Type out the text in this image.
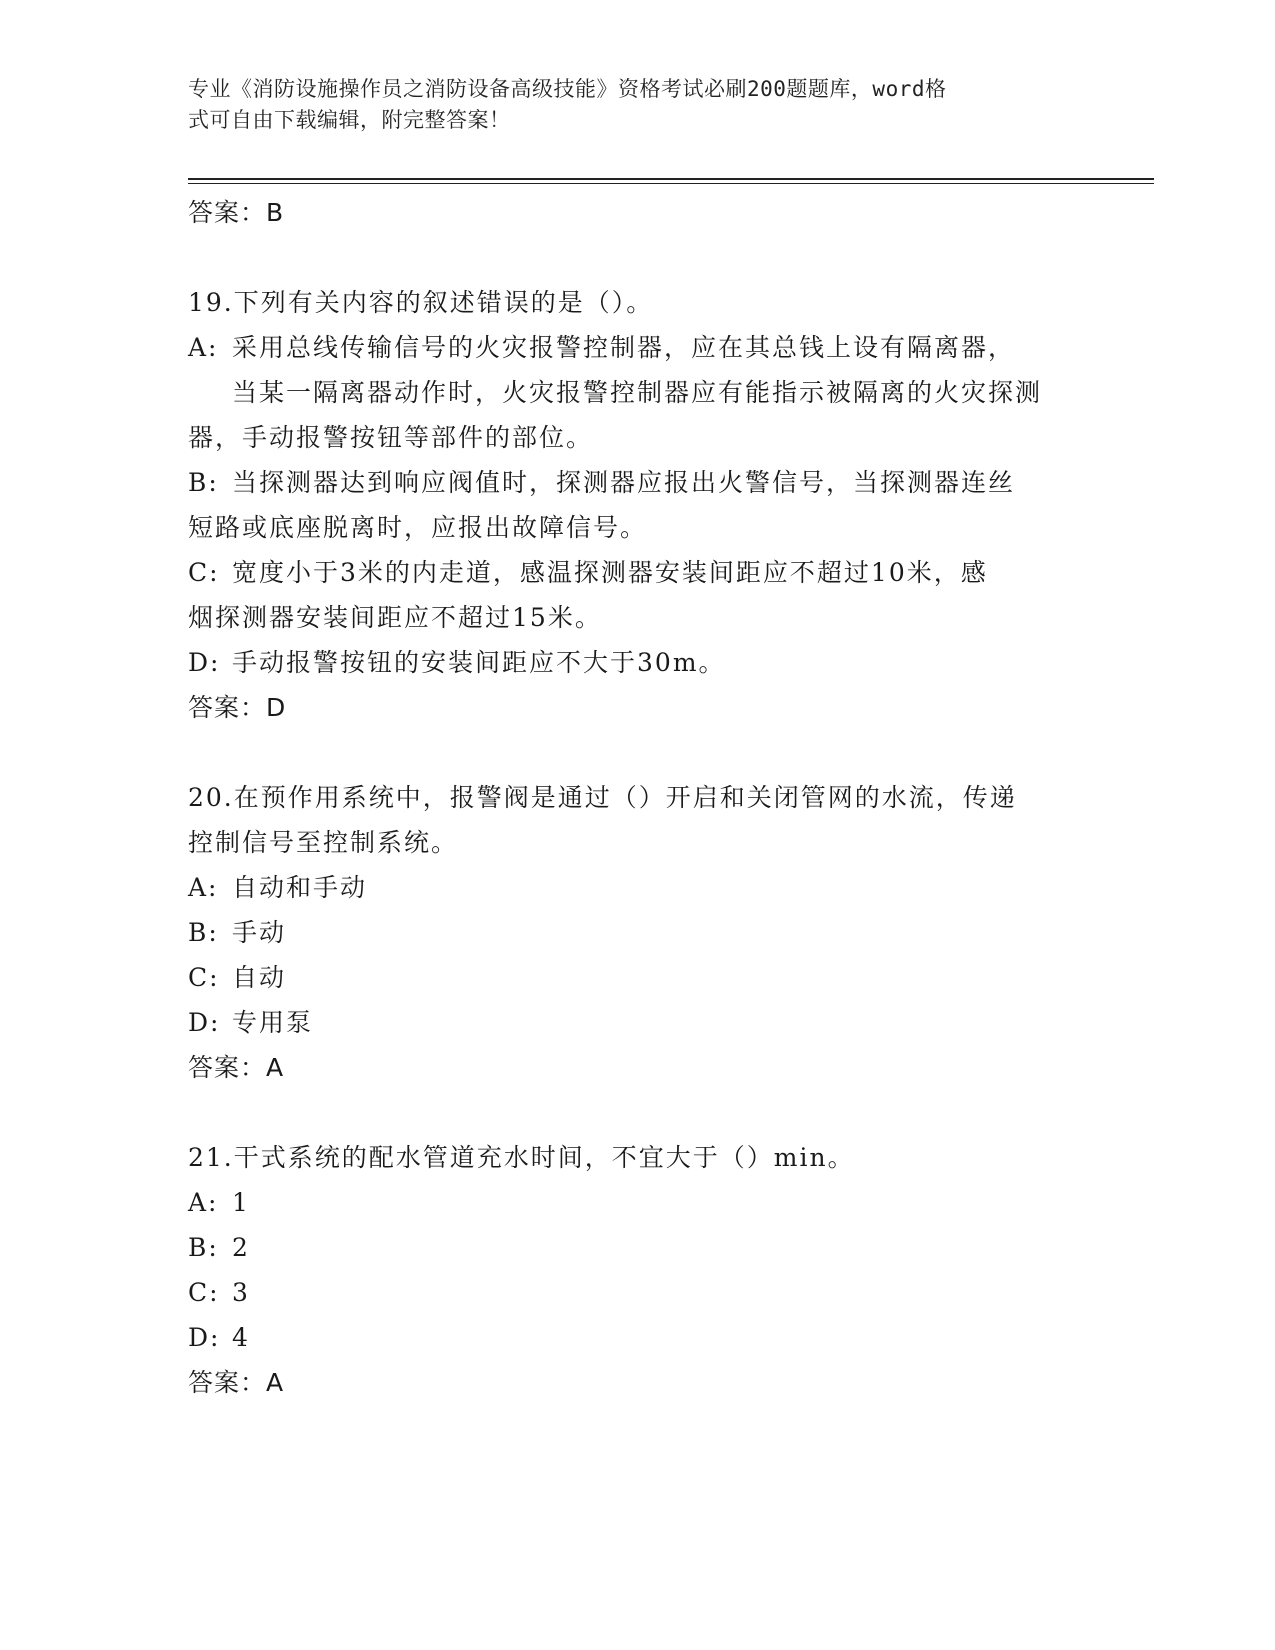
专业《消防设施操作员之消防设备高级技能》资格考试必刷200题题库，word格
式可自由下载编辑，附完整答案！
答案：B
19.下列有关内容的叙述错误的是（）。
A: 采用总线传输信号的火灾报警控制器，应在其总钱上设有隔离器，
当某一隔离器动作时，火灾报警控制器应有能指示被隔离的火灾探测
器，手动报警按钮等部件的部位。
B: 当探测器达到响应阀值时，探测器应报出火警信号，当探测器连丝
短路或底座脱离时，应报出故障信号。
C: 宽度小于3米的内走道，感温探测器安装间距应不超过10米，感
烟探测器安装间距应不超过15米。
D: 手动报警按钮的安装间距应不大于30m。
答案：D
20.在预作用系统中，报警阀是通过（）开启和关闭管网的水流，传递
控制信号至控制系统。
A: 自动和手动
B: 手动
C: 自动
D: 专用泵
答案：A
21.干式系统的配水管道充水时间，不宜大于（）min。
A: 1
B: 2
C: 3
D: 4
答案：A
